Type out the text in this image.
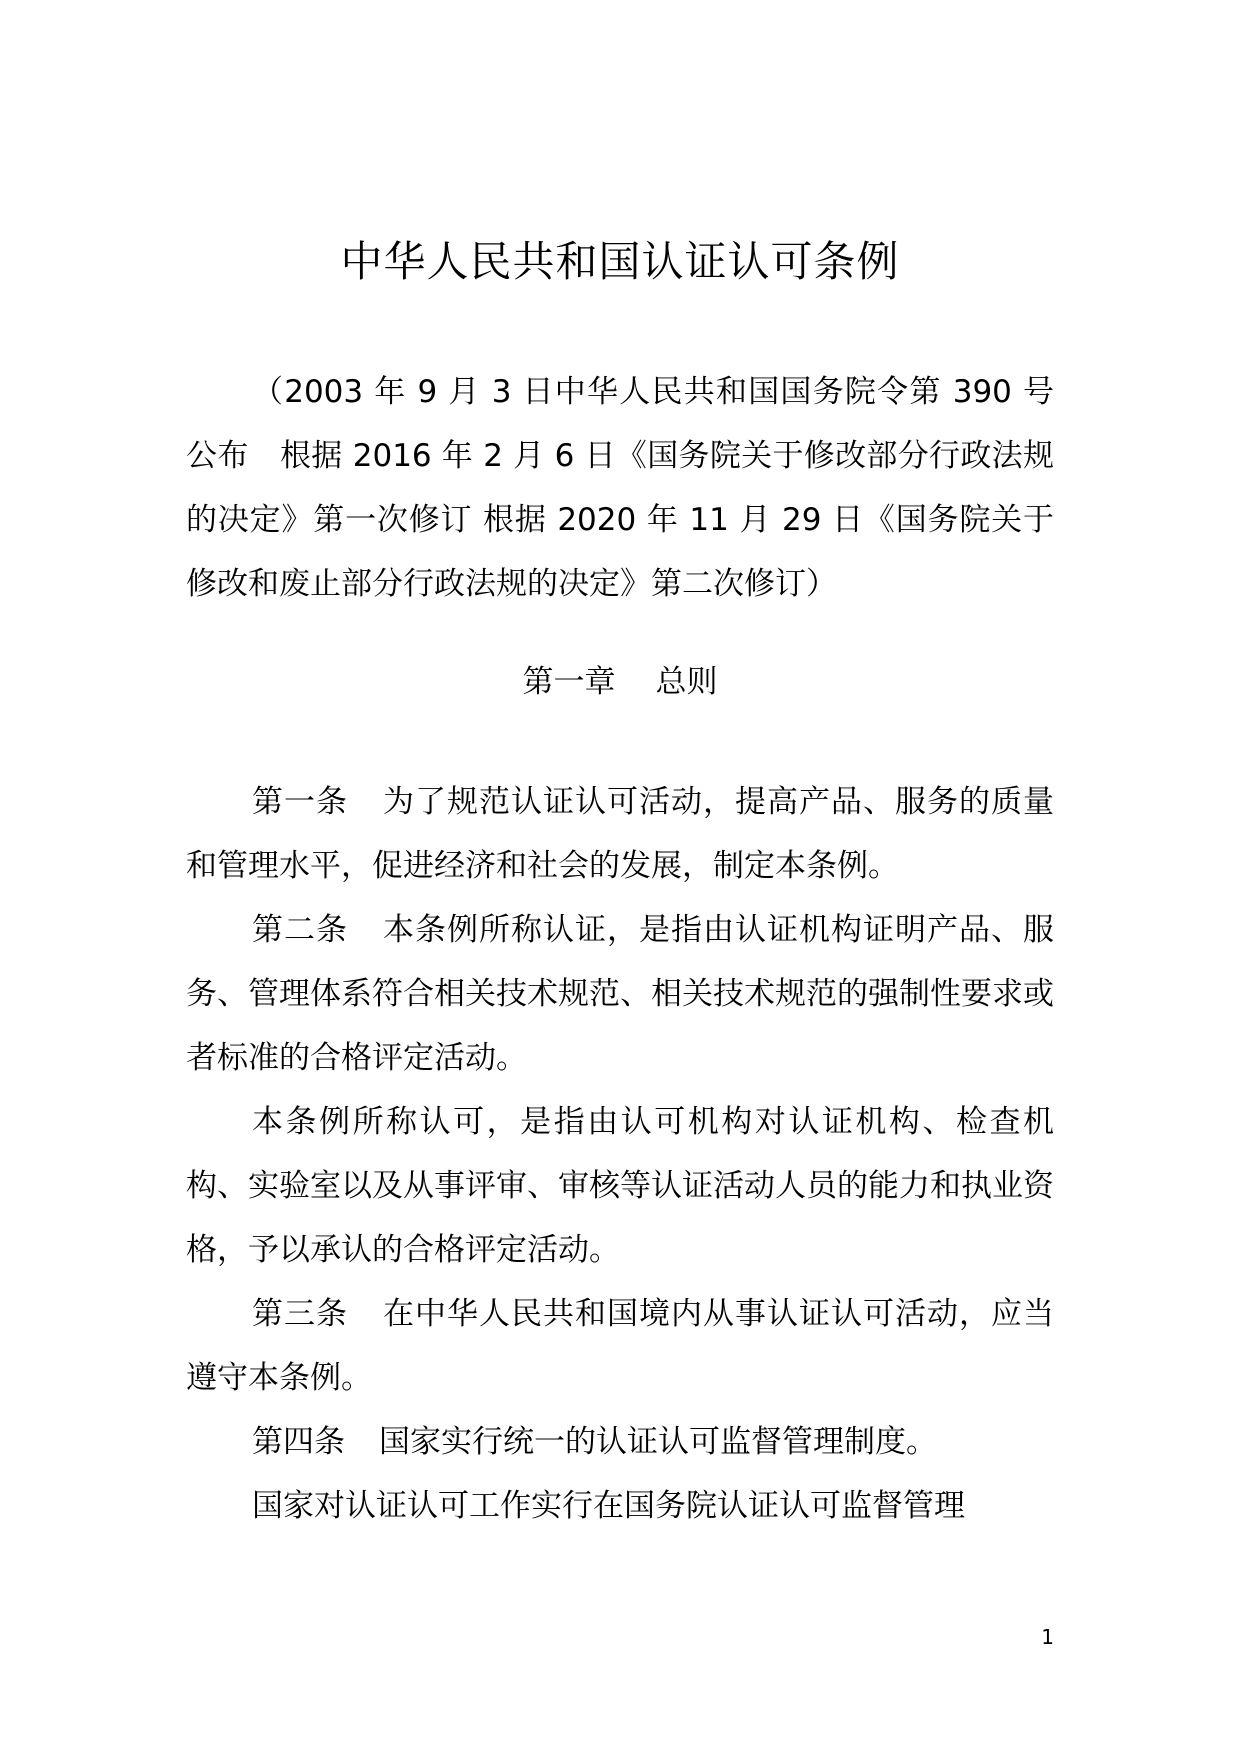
中华人民共和国认证认可条例

（2003 年 9 月 3 日中华人民共和国国务院令第 390 号公布　根据 2016 年 2 月 6 日《国务院关于修改部分行政法规的决定》第一次修订 根据 2020 年 11 月 29 日《国务院关于修改和废止部分行政法规的决定》第二次修订）

第一章 总则

第一条 为了规范认证认可活动，提高产品、服务的质量和管理水平，促进经济和社会的发展，制定本条例。

第二条 本条例所称认证，是指由认证机构证明产品、服务、管理体系符合相关技术规范、相关技术规范的强制性要求或者标准的合格评定活动。

本条例所称认可，是指由认可机构对认证机构、检查机构、实验室以及从事评审、审核等认证活动人员的能力和执业资格，予以承认的合格评定活动。

第三条 在中华人民共和国境内从事认证认可活动，应当遵守本条例。

第四条 国家实行统一的认证认可监督管理制度。

国家对认证认可工作实行在国务院认证认可监督管理

1
